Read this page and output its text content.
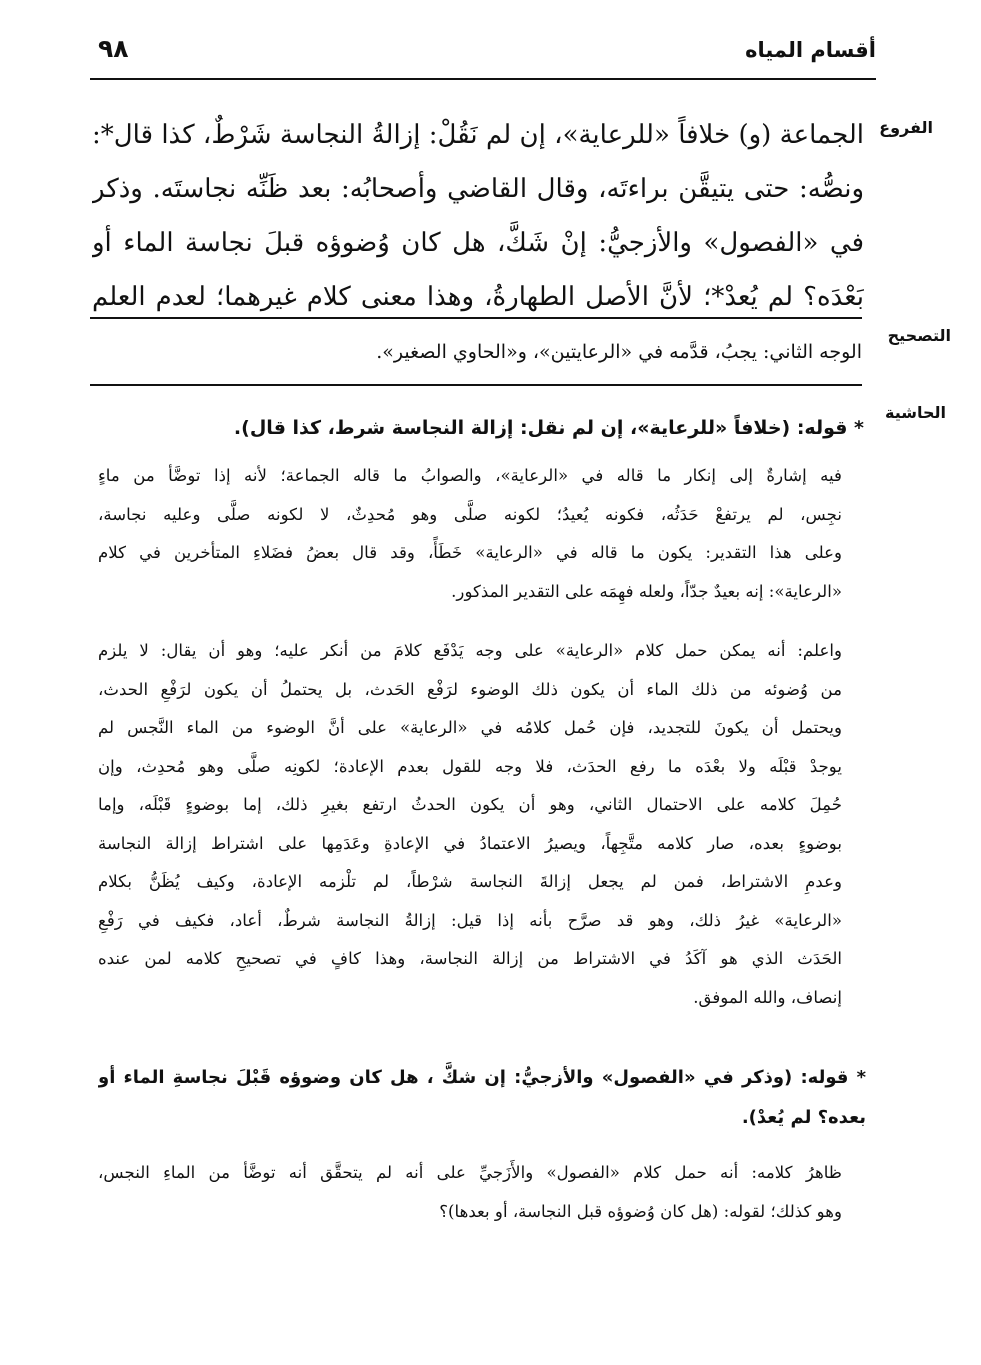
أقسام المياه
٩٨
الفروع
الجماعة (و) خلافاً «للرعاية»، إن لم نَقُلْ: إزالةُ النجاسة شَرْطٌ، كذا قال*:
ونصُّه: حتى يتيقَّن براءتَه، وقال القاضي وأصحابُه: بعد ظَنِّه نجاستَه. وذكر
في «الفصول» والأزجيُّ: إنْ شَكَّ، هل كان وُضوؤه قبلَ نجاسة الماء أو
بَعْدَه؟ لم يُعدْ*؛ لأنَّ الأصل الطهارةُ، وهذا معنى كلام غيرهما؛ لعدم العلم
التصحيح
الوجه الثاني: يجبُ، قدَّمه في «الرعايتين»، و«الحاوي الصغير».
الحاشية
* قوله: (خلافاً «للرعاية»، إن لم نقل: إزالة النجاسة شرط، كذا قال).
فيه إشارةٌ إلى إنكار ما قاله في «الرعاية»، والصوابُ ما قاله الجماعة؛ لأنه إذا توضَّأ من ماءٍ
نجِس، لم يرتفعْ حَدَثُه، فكونه يُعيدُ؛ لكونه صلَّى وهو مُحدِثٌ، لا لكونه صلَّى وعليه نجاسة،
وعلى هذا التقدير: يكون ما قاله في «الرعاية» خَطَأً، وقد قال بعضُ فضَلاءِ المتأخرين في كلام
«الرعاية»: إنه بعيدٌ جدّاً، ولعله فهِمَه على التقدير المذكور.
واعلم: أنه يمكن حمل كلام «الرعاية» على وجه يَدْفَع كلامَ من أنكر عليه؛ وهو أن يقال: لا يلزم
من وُضوئه من ذلك الماء أن يكون ذلك الوضوء لرَفْع الحَدث، بل يحتملُ أن يكون لرَفْعِ الحدث،
ويحتمل أن يكونَ للتجديد، فإن حُمل كلامُه في «الرعاية» على أنَّ الوضوء من الماء النَّجس لم
يوجدْ قبْلَه ولا بعْدَه ما رفع الحدَث، فلا وجه للقول بعدم الإعادة؛ لكونِه صلَّى وهو مُحدِث، وإن
حُمِلَ كلامه على الاحتمال الثاني، وهو أن يكون الحدثُ ارتفع بغيرِ ذلك، إما بوضوءٍ قَبْلَه، وإما
بوضوءٍ بعده، صار كلامه متَّجِهاً، ويصيرُ الاعتمادُ في الإعادةِ وعَدَمِها على اشتراط إزالة النجاسة
وعدمِ الاشتراط، فمن لم يجعل إزالةَ النجاسة شرْطاً، لم تلْزمه الإعادة، وكيف يُظَنُّ بكلام
«الرعاية» غيرُ ذلك، وهو قد صرَّح بأنه إذا قيل: إزالةُ النجاسة شرطٌ، أعاد، فكيف في رَفْعِ
الحَدَث الذي هو آكَدُ في الاشتراط من إزالة النجاسة، وهذا كافٍ في تصحيحِ كلامه لمن عنده
إنصاف، والله الموفق.
* قوله: (وذكر في «الفصول» والأزجيُّ: إن شكَّ ، هل كان وضوؤه قَبْلَ نجاسةِ الماء أو
بعده؟ لم يُعدْ).
ظاهرُ كلامه: أنه حمل كلام «الفصول» والأَزَجيِّ على أنه لم يتحقَّق أنه توضَّأ من الماءِ النجس،
وهو كذلك؛ لقوله: (هل كان وُضوؤه قبل النجاسة، أو بعدها)؟
